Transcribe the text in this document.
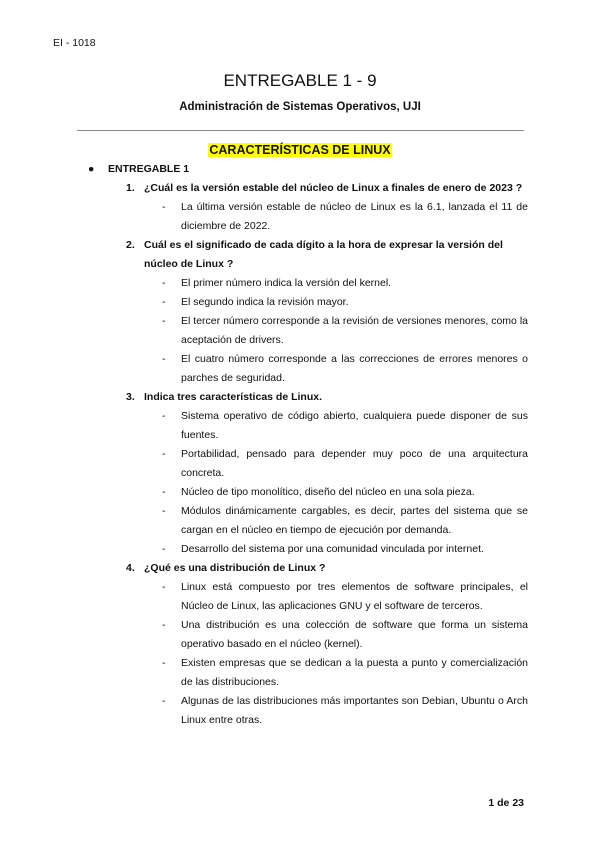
EI - 1018
ENTREGABLE 1 - 9
Administración de Sistemas Operativos, UJI
CARACTERÍSTICAS DE LINUX
● ENTREGABLE 1
1. ¿Cuál es la versión estable del núcleo de Linux a finales de enero de 2023 ?
- La última versión estable de núcleo de Linux es la 6.1, lanzada el 11 de diciembre de 2022.
2. Cuál es el significado de cada dígito a la hora de expresar la versión del núcleo de Linux ?
- El primer número indica la versión del kernel.
- El segundo indica la revisión mayor.
- El tercer número corresponde a la revisión de versiones menores, como la aceptación de drivers.
- El cuatro número corresponde a las correcciones de errores menores o parches de seguridad.
3. Indica tres características de Linux.
- Sistema operativo de código abierto, cualquiera puede disponer de sus fuentes.
- Portabilidad, pensado para depender muy poco de una arquitectura concreta.
- Núcleo de tipo monolítico, diseño del núcleo en una sola pieza.
- Módulos dinámicamente cargables, es decir, partes del sistema que se cargan en el núcleo en tiempo de ejecución por demanda.
- Desarrollo del sistema por una comunidad vinculada por internet.
4. ¿Qué es una distribución de Linux ?
- Linux está compuesto por tres elementos de software principales, el Núcleo de Linux, las aplicaciones GNU y el software de terceros.
- Una distribución es una colección de software que forma un sistema operativo basado en el núcleo (kernel).
- Existen empresas que se dedican a la puesta a punto y comercialización de las distribuciones.
- Algunas de las distribuciones más importantes son Debian, Ubuntu o Arch Linux entre otras.
1 de 23
